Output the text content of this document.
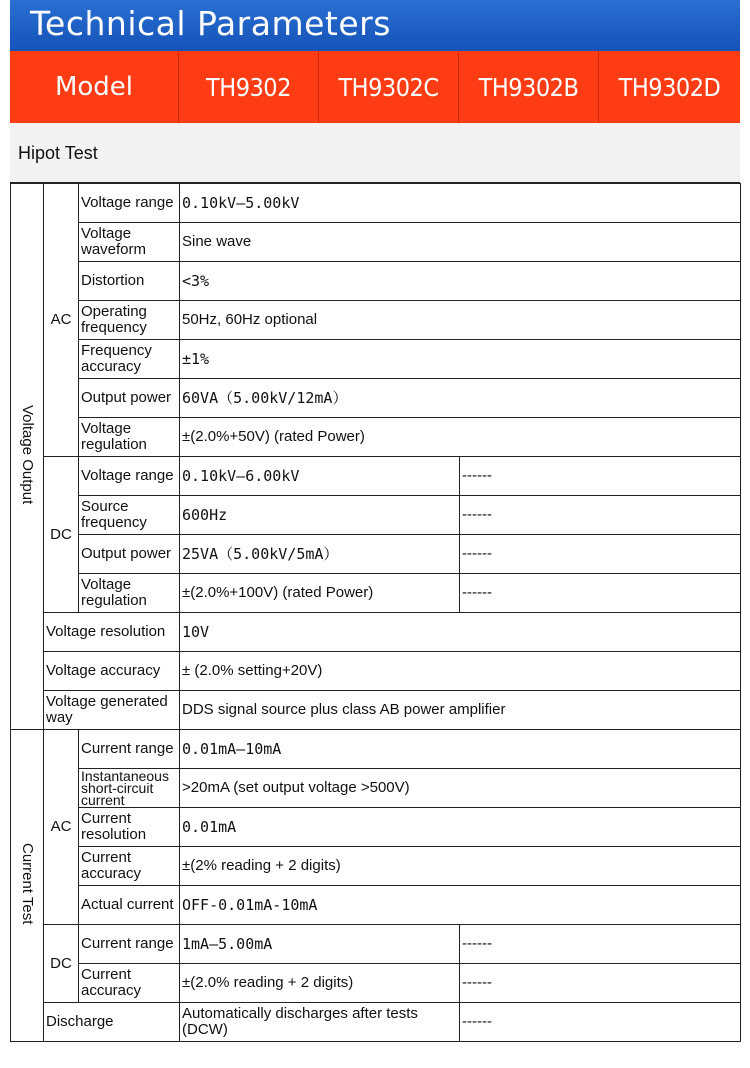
Technical Parameters
Model	TH9302	TH9302C	TH9302B	TH9302D
Hipot Test
Voltage Output	AC	Voltage range	0.10kV—5.00kV	
		Voltage waveform	Sine wave	
		Distortion	<3%	
		Operating frequency	50Hz, 60Hz optional	
		Frequency accuracy	±1%	
		Output power	60VA（5.00kV/12mA）	
		Voltage regulation	±(2.0%+50V) (rated Power)	
	DC	Voltage range	0.10kV—6.00kV	------
		Source frequency	600Hz	------
		Output power	25VA（5.00kV/5mA）	------
		Voltage regulation	±(2.0%+100V) (rated Power)	------
	Voltage resolution		10V	
	Voltage accuracy		± (2.0% setting+20V)	
	Voltage generated way		DDS signal source plus class AB power amplifier	
Current Test	AC	Current range	0.01mA–10mA	
		Instantaneous short-circuit current	>20mA (set output voltage >500V)	
		Current resolution	0.01mA	
		Current accuracy	±(2% reading + 2 digits)	
		Actual current	OFF-0.01mA-10mA	
	DC	Current range	1mA–5.00mA	------
		Current accuracy	±(2.0% reading + 2 digits)	------
	Discharge		Automatically discharges after tests (DCW)	------
